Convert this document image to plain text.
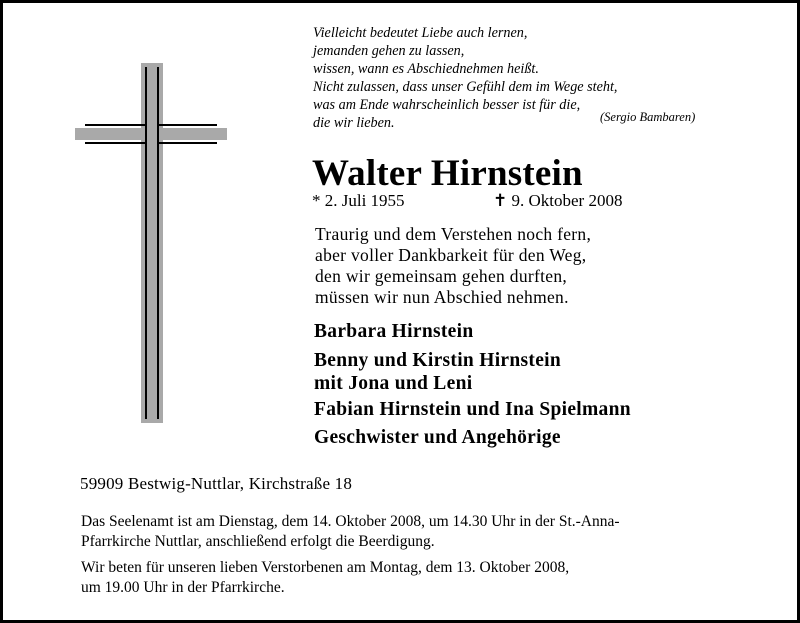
Vielleicht bedeutet Liebe auch lernen,
jemanden gehen zu lassen,
wissen, wann es Abschiednehmen heißt.
Nicht zulassen, dass unser Gefühl dem im Wege steht,
was am Ende wahrscheinlich besser ist für die,
die wir lieben.	(Sergio Bambaren)
Walter Hirnstein
* 2. Juli 1955	✝ 9. Oktober 2008
Traurig und dem Verstehen noch fern,
aber voller Dankbarkeit für den Weg,
den wir gemeinsam gehen durften,
müssen wir nun Abschied nehmen.
Barbara Hirnstein
Benny und Kirstin Hirnstein
mit Jona und Leni
Fabian Hirnstein und Ina Spielmann
Geschwister und Angehörige
59909 Bestwig-Nuttlar, Kirchstraße 18
Das Seelenamt ist am Dienstag, dem 14. Oktober 2008, um 14.30 Uhr in der St.-Anna-
Pfarrkirche Nuttlar, anschließend erfolgt die Beerdigung.
Wir beten für unseren lieben Verstorbenen am Montag, dem 13. Oktober 2008,
um 19.00 Uhr in der Pfarrkirche.
